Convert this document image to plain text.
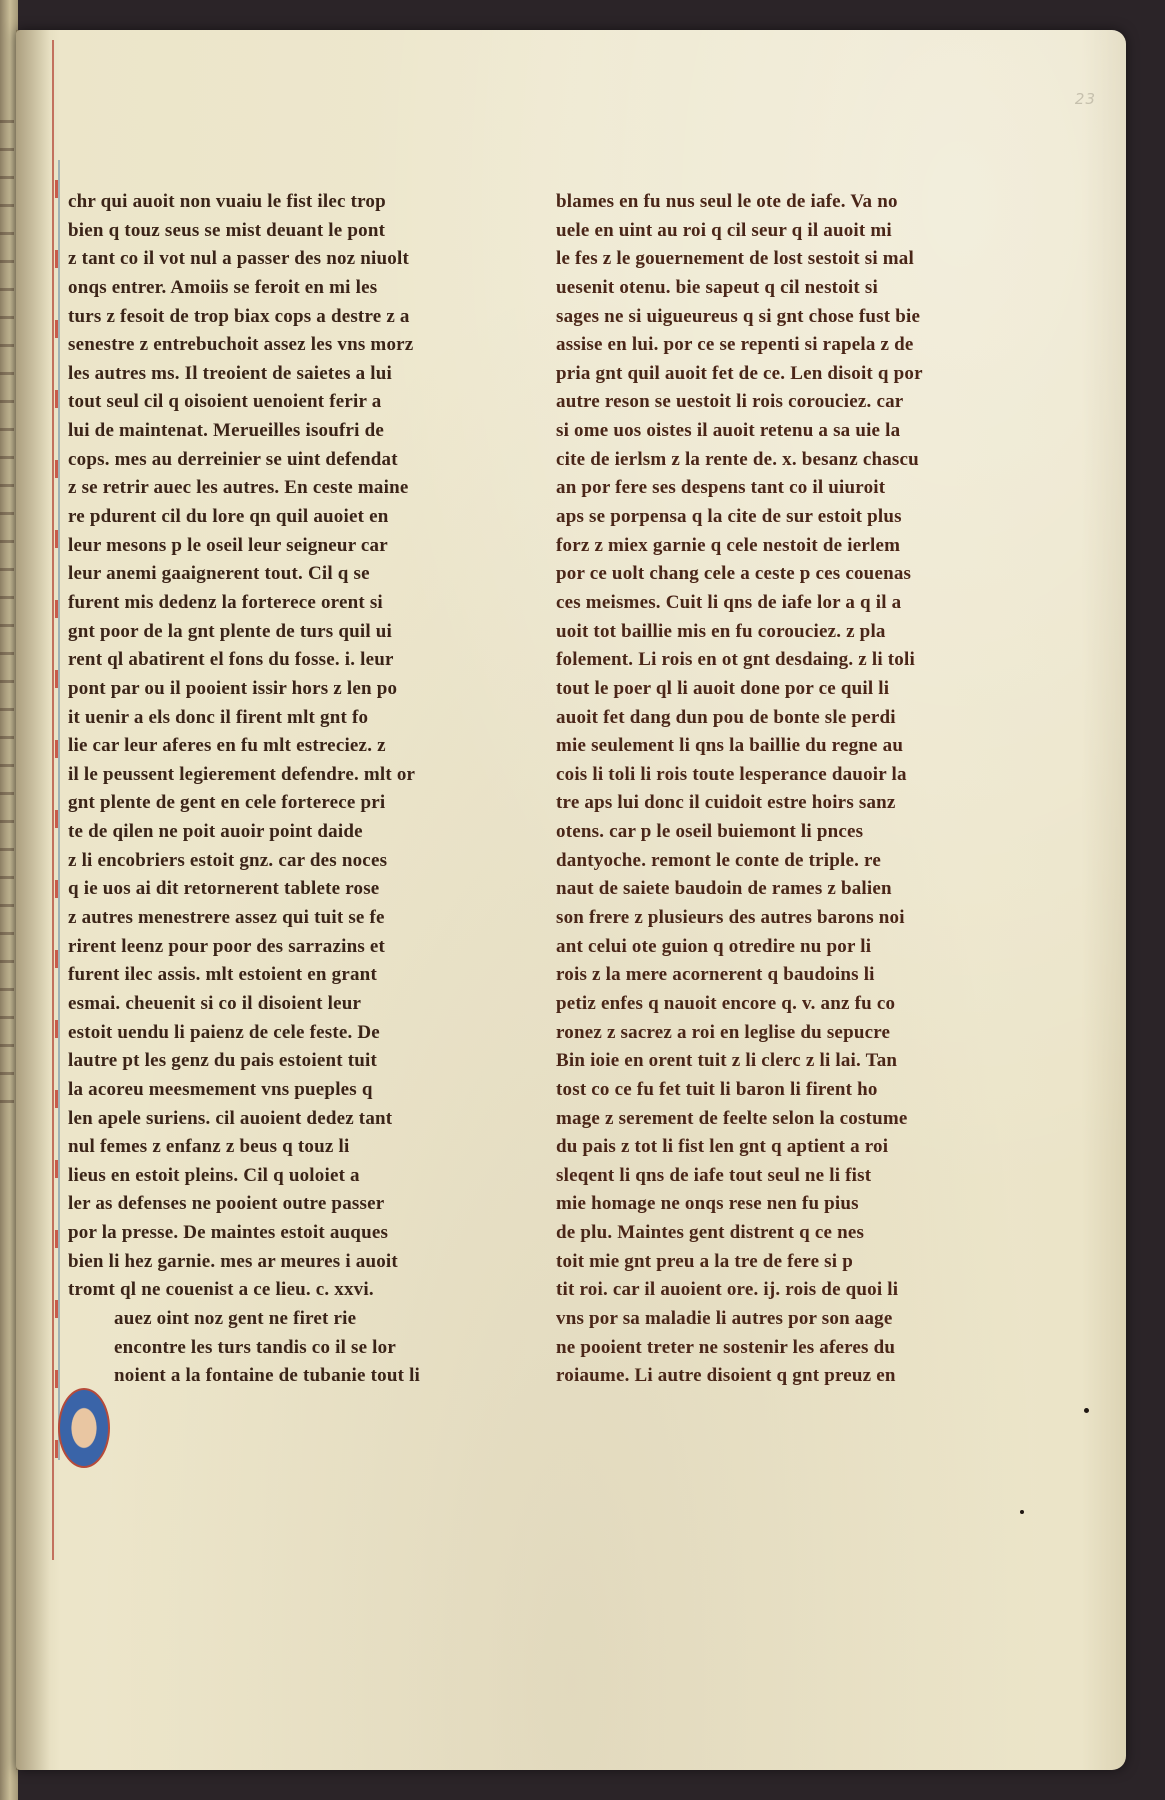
23
chr qui auoit non vuaiu le fist ilec trop
bien q touz seus se mist deuant le pont
z tant co il vot nul a passer des noz niuolt
onqs entrer. Amoiis se feroit en mi les
turs z fesoit de trop biax cops a destre z a
senestre z entrebuchoit assez les vns morz
les autres ms. Il treoient de saietes a lui
tout seul cil q oisoient uenoient ferir a
lui de maintenat. Merueilles isoufri de
cops. mes au derreinier se uint defendat
z se retrir auec les autres. En ceste maine
re pdurent cil du lore qn quil auoiet en
leur mesons p le oseil leur seigneur car
leur anemi gaaignerent tout. Cil q se
furent mis dedenz la forterece orent si
gnt poor de la gnt plente de turs quil ui
rent ql abatirent el fons du fosse. i. leur
pont par ou il pooient issir hors z len po
it uenir a els donc il firent mlt gnt fo
lie car leur aferes en fu mlt estreciez. z
il le peussent legierement defendre. mlt or
gnt plente de gent en cele forterece pri
te de qilen ne poit auoir point daide
z li encobriers estoit gnz. car des noces
q ie uos ai dit retornerent tablete rose
z autres menestrere assez qui tuit se fe
rirent leenz pour poor des sarrazins et
furent ilec assis. mlt estoient en grant
esmai. cheuenit si co il disoient leur
estoit uendu li paienz de cele feste. De
lautre pt les genz du pais estoient tuit
la acoreu meesmement vns pueples q
len apele suriens. cil auoient dedez tant
nul femes z enfanz z beus q touz li
lieus en estoit pleins. Cil q uoloiet a
ler as defenses ne pooient outre passer
por la presse. De maintes estoit auques
bien li hez garnie. mes ar meures i auoit
tromt ql ne couenist a ce lieu. c. xxvi.
auez oint noz gent ne firet rie
encontre les turs tandis co il se lor
noient a la fontaine de tubanie tout li
blames en fu nus seul le ote de iafe. Va no
uele en uint au roi q cil seur q il auoit mi
le fes z le gouernement de lost sestoit si mal
uesenit otenu. bie sapeut q cil nestoit si
sages ne si uigueureus q si gnt chose fust bie
assise en lui. por ce se repenti si rapela z de
pria gnt quil auoit fet de ce. Len disoit q por
autre reson se uestoit li rois corouciez. car
si ome uos oistes il auoit retenu a sa uie la
cite de ierlsm z la rente de. x. besanz chascu
an por fere ses despens tant co il uiuroit
aps se porpensa q la cite de sur estoit plus
forz z miex garnie q cele nestoit de ierlem
por ce uolt chang cele a ceste p ces couenas
ces meismes. Cuit li qns de iafe lor a q il a
uoit tot baillie mis en fu corouciez. z pla
folement. Li rois en ot gnt desdaing. z li toli
tout le poer ql li auoit done por ce quil li
auoit fet dang dun pou de bonte sle perdi
mie seulement li qns la baillie du regne au
cois li toli li rois toute lesperance dauoir la
tre aps lui donc il cuidoit estre hoirs sanz
otens. car p le oseil buiemont li pnces
dantyoche. remont le conte de triple. re
naut de saiete baudoin de rames z balien
son frere z plusieurs des autres barons noi
ant celui ote guion q otredire nu por li
rois z la mere acornerent q baudoins li
petiz enfes q nauoit encore q. v. anz fu co
ronez z sacrez a roi en leglise du sepucre
Bin ioie en orent tuit z li clerc z li lai. Tan
tost co ce fu fet tuit li baron li firent ho
mage z serement de feelte selon la costume
du pais z tot li fist len gnt q aptient a roi
sleqent li qns de iafe tout seul ne li fist
mie homage ne onqs rese nen fu pius
de plu. Maintes gent distrent q ce nes
toit mie gnt preu a la tre de fere si p
tit roi. car il auoient ore. ij. rois de quoi li
vns por sa maladie li autres por son aage
ne pooient treter ne sostenir les aferes du
roiaume. Li autre disoient q gnt preuz en
